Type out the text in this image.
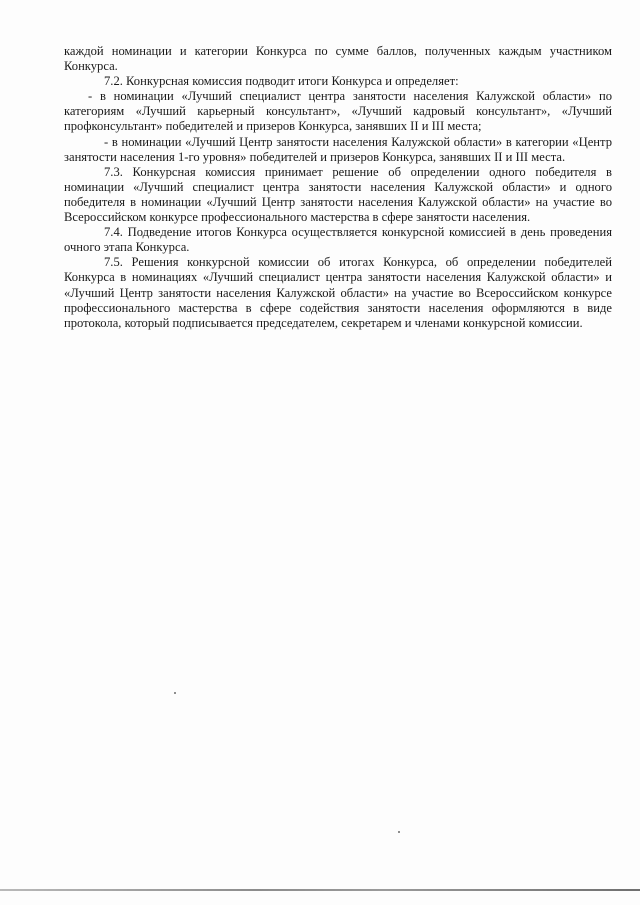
каждой номинации и категории Конкурса по сумме баллов, полученных каждым участником Конкурса.

7.2. Конкурсная комиссия подводит итоги Конкурса и определяет:

- в номинации «Лучший специалист центра занятости населения Калужской области» по категориям «Лучший карьерный консультант», «Лучший кадровый консультант», «Лучший профконсультант» победителей и призеров Конкурса, занявших II и III места;

- в номинации «Лучший Центр занятости населения Калужской области» в категории «Центр занятости населения 1-го уровня» победителей и призеров Конкурса, занявших II и III места.

7.3. Конкурсная комиссия принимает решение об определении одного победителя в номинации «Лучший специалист центра занятости населения Калужской области» и одного победителя в номинации «Лучший Центр занятости населения Калужской области» на участие во Всероссийском конкурсе профессионального мастерства в сфере занятости населения.

7.4. Подведение итогов Конкурса осуществляется конкурсной комиссией в день проведения очного этапа Конкурса.

7.5. Решения конкурсной комиссии об итогах Конкурса, об определении победителей Конкурса в номинациях «Лучший специалист центра занятости населения Калужской области» и «Лучший Центр занятости населения Калужской области» на участие во Всероссийском конкурсе профессионального мастерства в сфере содействия занятости населения оформляются в виде протокола, который подписывается председателем, секретарем и членами конкурсной комиссии.
